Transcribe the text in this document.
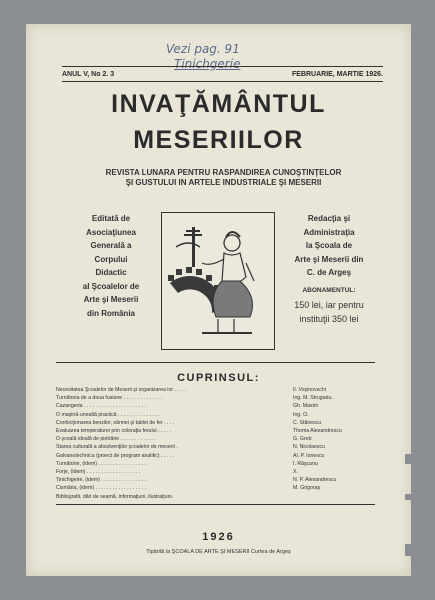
Vezi pag. 91
Tinichgerie
ANUL V, No 2. 3	FEBRUARIE, MARTIE 1926.
INVAŢĂMÂNTUL
MESERIILOR
REVISTA LUNARA PENTRU RASPANDIREA CUNOŞTINŢELOR
ŞI GUSTULUI IN ARTELE INDUSTRIALE ŞI MESERII
Editată de
Asociaţiunea
Generală a
Corpului
Didactic
al Şcoalelor de
Arte şi Meserii
din România
Redacţia şi
Administraţia
la Şcoala de
Arte şi Meserii din
C. de Argeş
ABONAMENTUL:
150 lei, iar pentru
instituţii 350 lei
CUPRINSUL:
Necesitatea Şcoalelor de Meserii şi organizarea lor . . . . .	Il. Voşinovschi
Turnătoria de a doua fusiune . . . . . . . . . . . . . .	Ing. M. Strugariu.
Cazangeria . . . . . . . . . . . . . . . . . . . . . .	Gh. Maxim
O maşină-unealtă practică . . . . . . . . . . . . . . .	Ing. O.
Confecţionarea benzilor, sârmei şi tablei de fer . . . .	C. Stănescu
Evaluarea temperaturei prin coloraţia ferului . . . . .	Thoma Alexandrescu
O şcoală ideală de pietrărie . . . . . . . . . . . . .	G. Greb
Starea culturală a absolvenţilor şcoalelor de meserii .	N. Nicolaescu
Galvanotechnica (proect de program analitic) . . . . .	Al. P. Ionescu
Turnătorie, (idem) . . . . . . . . . . . . . . . . .	I. Răşcanu
Forje, (idem) . . . . . . . . . . . . . . . . . . .	X.
Tinichigerie, (idem) . . . . . . . . . . . . . . . .	N. P. Alexandrescu
Cismăria, (idem) . . . . . . . . . . . . . . . . . .	M. Grigoraş
Bibliografii, dări de seamă, informaţiuni, ilustraţiuni.
1926
Tipărită la ŞCOALA DE ARTE ŞI MESERII Curtea de Argeş
